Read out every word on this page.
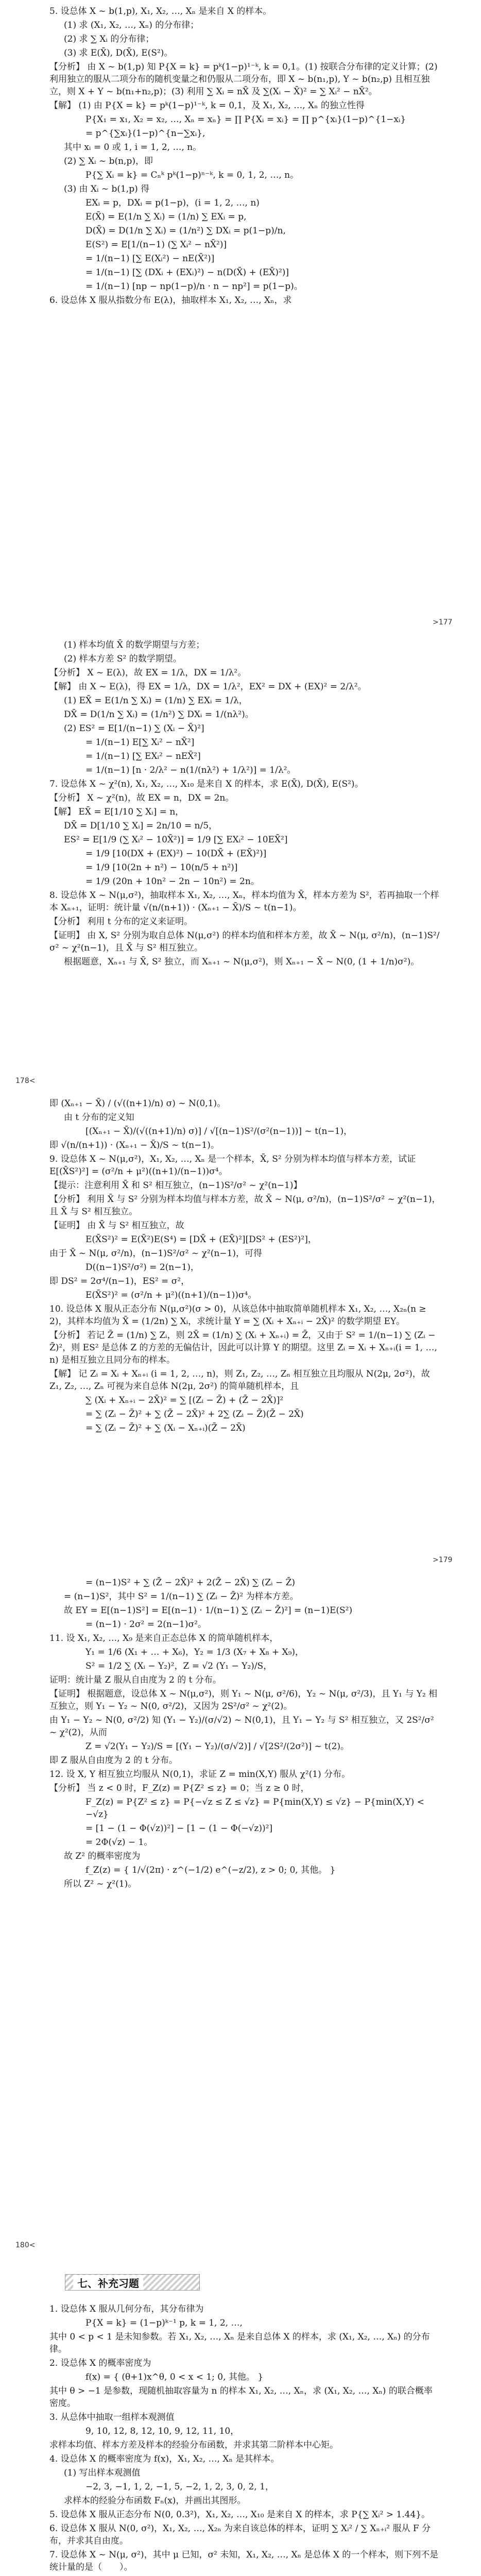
5. 设总体 X ~ b(1,p), X₁, X₂, …, Xₙ 是来自 X 的样本。

(1) 求 (X₁, X₂, …, Xₙ) 的分布律；

(2) 求 ∑ Xᵢ 的分布律；

(3) 求 E(X̄), D(X̄), E(S²)。

【分析】 由 X ~ b(1,p) 知 P{X = k} = pᵏ(1−p)¹⁻ᵏ, k = 0,1。(1) 按联合分布律的定义计算；(2) 利用独立的服从二项分布的随机变量之和仍服从二项分布，即 X ~ b(n₁,p), Y ~ b(n₂,p) 且相互独立，则 X + Y ~ b(n₁+n₂,p)；(3) 利用 ∑ Xᵢ = nX̄ 及 ∑(Xᵢ − X̄)² = ∑ Xᵢ² − nX̄²。

【解】 (1) 由 P{X = k} = pᵏ(1−p)¹⁻ᵏ, k = 0,1，及 X₁, X₂, …, Xₙ 的独立性得

P{X₁ = x₁, X₂ = x₂, …, Xₙ = xₙ} = ∏ P{Xᵢ = xᵢ} = ∏ p^{xᵢ}(1−p)^{1−xᵢ}

= p^{∑xᵢ}(1−p)^{n−∑xᵢ},

其中 xᵢ = 0 或 1, i = 1, 2, …, n。

(2) ∑ Xᵢ ~ b(n,p)，即

P{∑ Xᵢ = k} = Cₙᵏ pᵏ(1−p)ⁿ⁻ᵏ, k = 0, 1, 2, …, n。

(3) 由 Xᵢ ~ b(1,p) 得

EXᵢ = p，DXᵢ = p(1−p)，(i = 1, 2, …, n)

E(X̄) = E(1/n ∑ Xᵢ) = (1/n) ∑ EXᵢ = p,

D(X̄) = D(1/n ∑ Xᵢ) = (1/n²) ∑ DXᵢ = p(1−p)/n,

E(S²) = E[1/(n−1) (∑ Xᵢ² − nX̄²)]

= 1/(n−1) [∑ E(Xᵢ²) − nE(X̄²)]

= 1/(n−1) [∑ (DXᵢ + (EXᵢ)²) − n(D(X̄) + (EX̄)²)]

= 1/(n−1) [np − np(1−p)/n · n − np²] = p(1−p)。

6. 设总体 X 服从指数分布 E(λ)，抽取样本 X₁, X₂, …, Xₙ，求

>177

(1) 样本均值 X̄ 的数学期望与方差；

(2) 样本方差 S² 的数学期望。

【分析】 X ~ E(λ)，故 EX = 1/λ，DX = 1/λ²。

【解】 由 X ~ E(λ)，得 EX = 1/λ，DX = 1/λ²，EX² = DX + (EX)² = 2/λ²。

(1) EX̄ = E(1/n ∑ Xᵢ) = (1/n) ∑ EXᵢ = 1/λ，

DX̄ = D(1/n ∑ Xᵢ) = (1/n²) ∑ DXᵢ = 1/(nλ²)。

(2) ES² = E[1/(n−1) ∑ (Xᵢ − X̄)²]

= 1/(n−1) E[∑ Xᵢ² − nX̄²]

= 1/(n−1) [∑ EXᵢ² − nEX̄²]

= 1/(n−1) [n · 2/λ² − n(1/(nλ²) + 1/λ²)] = 1/λ²。

7. 设总体 X ~ χ²(n), X₁, X₂, …, X₁₀ 是来自 X 的样本，求 E(X̄), D(X̄), E(S²)。

【分析】 X ~ χ²(n)，故 EX = n，DX = 2n。

【解】 EX̄ = E[1/10 ∑ Xᵢ] = n，

DX̄ = D[1/10 ∑ Xᵢ] = 2n/10 = n/5，

ES² = E[1/9 (∑ Xᵢ² − 10X̄²)] = 1/9 [∑ EXᵢ² − 10EX̄²]

= 1/9 [10(DX + (EX)²) − 10(DX̄ + (EX̄)²)]

= 1/9 [10(2n + n²) − 10(n/5 + n²)]

= 1/9 (20n + 10n² − 2n − 10n²) = 2n。

8. 设总体 X ~ N(μ,σ²)，抽取样本 X₁, X₂, …, Xₙ，样本均值为 X̄，样本方差为 S²，若再抽取一个样本 Xₙ₊₁，证明：统计量 √(n/(n+1)) · (Xₙ₊₁ − X̄)/S ~ t(n−1)。

【分析】 利用 t 分布的定义来证明。

【证明】 由 X, S² 分别为取自总体 N(μ,σ²) 的样本均值和样本方差，故 X̄ ~ N(μ, σ²/n)，(n−1)S²/σ² ~ χ²(n−1)，且 X̄ 与 S² 相互独立。

根据题意，Xₙ₊₁ 与 X̄, S² 独立，而 Xₙ₊₁ ~ N(μ,σ²)，则 Xₙ₊₁ − X̄ ~ N(0, (1 + 1/n)σ²)。

178<

即 (Xₙ₊₁ − X̄) / (√((n+1)/n) σ) ~ N(0,1)。

由 t 分布的定义知

[(Xₙ₊₁ − X̄)/(√((n+1)/n) σ)] / √[(n−1)S²/(σ²(n−1))] ~ t(n−1)，

即 √(n/(n+1)) · (Xₙ₊₁ − X̄)/S ~ t(n−1)。

9. 设总体 X ~ N(μ,σ²)，X₁, X₂, …, Xₙ 是一个样本，X̄, S² 分别为样本均值与样本方差，试证 E[(X̄S²)²] = (σ²/n + μ²)((n+1)/(n−1))σ⁴。

【提示：注意利用 X̄ 和 S² 相互独立，(n−1)S²/σ² ~ χ²(n−1)】

【分析】 利用 X̄ 与 S² 分别为样本均值与样本方差，故 X̄ ~ N(μ, σ²/n)，(n−1)S²/σ² ~ χ²(n−1)，且 X̄ 与 S² 相互独立。

【证明】 由 X̄ 与 S² 相互独立，故

E(X̄S²)² = E(X̄²)E(S⁴) = [DX̄ + (EX̄)²][DS² + (ES²)²]，

由于 X̄ ~ N(μ, σ²/n)，(n−1)S²/σ² ~ χ²(n−1)，可得

D((n−1)S²/σ²) = 2(n−1)，

即 DS² = 2σ⁴/(n−1)，ES² = σ²，

E(X̄S²)² = (σ²/n + μ²)((n+1)/(n−1))σ⁴。

10. 设总体 X 服从正态分布 N(μ,σ²)(σ > 0)，从该总体中抽取简单随机样本 X₁, X₂, …, X₂ₙ(n ≥ 2)，其样本均值为 X̄ = (1/2n) ∑ Xᵢ，求统计量 Y = ∑ (Xᵢ + Xₙ₊ᵢ − 2X̄)² 的数学期望 EY。

【分析】 若记 Z̄ = (1/n) ∑ Zᵢ，则 2X̄ = (1/n) ∑ (Xᵢ + Xₙ₊ᵢ) = Z̄，又由于 S² = 1/(n−1) ∑ (Zᵢ − Z̄)²，则 ES² 是总体 Z 的方差的无偏估计，因此可以计算 Y 的期望。这里 Zᵢ = Xᵢ + Xₙ₊ᵢ(i = 1, …, n) 是相互独立且同分布的样本。

【解】 记 Zᵢ = Xᵢ + Xₙ₊ᵢ (i = 1, 2, …, n)，则 Z₁, Z₂, …, Zₙ 相互独立且均服从 N(2μ, 2σ²)，故 Z₁, Z₂, …, Zₙ 可视为来自总体 N(2μ, 2σ²) 的简单随机样本，且

∑ (Xᵢ + Xₙ₊ᵢ − 2X̄)² = ∑ [(Zᵢ − Z̄) + (Z̄ − 2X̄)]²

= ∑ (Zᵢ − Z̄)² + ∑ (Z̄ − 2X̄)² + 2∑ (Zᵢ − Z̄)(Z̄ − 2X̄)

= ∑ (Zᵢ − Z̄)² + ∑ (Xᵢ − Xₙ₊ᵢ)(Z̄ − 2X̄)

>179

= (n−1)S² + ∑ (Z̄ − 2X̄)² + 2(Z̄ − 2X̄) ∑ (Zᵢ − Z̄)

= (n−1)S²，其中 S² = 1/(n−1) ∑ (Zᵢ − Z̄)² 为样本方差。

故 EY = E[(n−1)S²] = E[(n−1) · 1/(n−1) ∑ (Zᵢ − Z̄)²] = (n−1)E(S²)

= (n−1) · 2σ² = 2(n−1)σ²。

11. 设 X₁, X₂, …, X₉ 是来自正态总体 X 的简单随机样本，

Y₁ = 1/6 (X₁ + … + X₆)，Y₂ = 1/3 (X₇ + X₈ + X₉)，

S² = 1/2 ∑ (Xᵢ − Y₂)²，Z = √2 (Y₁ − Y₂)/S，

证明：统计量 Z 服从自由度为 2 的 t 分布。

【证明】 根据题意，设总体 X ~ N(μ,σ²)，则 Y₁ ~ N(μ, σ²/6)，Y₂ ~ N(μ, σ²/3)，且 Y₁ 与 Y₂ 相互独立，则 Y₁ − Y₂ ~ N(0, σ²/2)，又因为 2S²/σ² ~ χ²(2)。

由 Y₁ − Y₂ ~ N(0, σ²/2) 知 (Y₁ − Y₂)/(σ/√2) ~ N(0,1)，且 Y₁ − Y₂ 与 S² 相互独立，又 2S²/σ² ~ χ²(2)，从而

Z = √2(Y₁ − Y₂)/S = [(Y₁ − Y₂)/(σ/√2)] / √[2S²/(2σ²)] ~ t(2)。

即 Z 服从自由度为 2 的 t 分布。

12. 设 X, Y 相互独立均服从 N(0,1)，求证 Z = min(X,Y) 服从 χ²(1) 分布。

【分析】 当 z < 0 时，F_Z(z) = P{Z² ≤ z} = 0；当 z ≥ 0 时，

F_Z(z) = P{Z² ≤ z} = P{−√z ≤ Z ≤ √z} = P{min(X,Y) ≤ √z} − P{min(X,Y) < −√z}

= [1 − (1 − Φ(√z))²] − [1 − (1 − Φ(−√z))²]

= 2Φ(√z) − 1。

故 Z² 的概率密度为

f_Z(z) = { 1/√(2π) · z^(−1/2) e^(−z/2), z > 0; 0, 其他。 }

所以 Z² ~ χ²(1)。

180<
七、补充习题

1. 设总体 X 服从几何分布，其分布律为

P{X = k} = (1−p)ᵏ⁻¹ p, k = 1, 2, …,

其中 0 < p < 1 是未知参数。若 X₁, X₂, …, Xₙ 是来自总体 X 的样本，求 (X₁, X₂, …, Xₙ) 的分布律。

2. 设总体 X 的概率密度为

f(x) = { (θ+1)x^θ, 0 < x < 1; 0, 其他。 }

其中 θ > −1 是参数，现随机抽取容量为 n 的样本 X₁, X₂, …, Xₙ，求 (X₁, X₂, …, Xₙ) 的联合概率密度。

3. 从总体中抽取一组样本观测值

9, 10, 12, 8, 12, 10, 9, 12, 11, 10，

求样本均值、样本方差及样本的经验分布函数，并求其第二阶样本中心矩。

4. 设总体 X 的概率密度为 f(x)，X₁, X₂, …, Xₙ 是其样本。

(1) 写出样本观测值

−2, 3, −1, 1, 2, −1, 5, −2, 1, 2, 3, 0, 2, 1，

求样本的经验分布函数 Fₙ(x)，并画出其图形。

5. 设总体 X 服从正态分布 N(0, 0.3²)，X₁, X₂, …, X₁₀ 是来自 X 的样本，求 P{∑ Xᵢ² > 1.44}。

6. 设总体 X 服从 N(0, σ²)，X₁, X₂, …, X₂ₙ 为来自该总体的样本，证明 ∑ Xᵢ² / ∑ Xₙ₊ᵢ² 服从 F 分布，并求其自由度。

7. 设总体 X ~ N(μ, σ²)，其中 μ 已知，σ² 未知，X₁, X₂, …, Xₙ 是总体 X 的一个样本，则下列不是统计量的是（　　）。
